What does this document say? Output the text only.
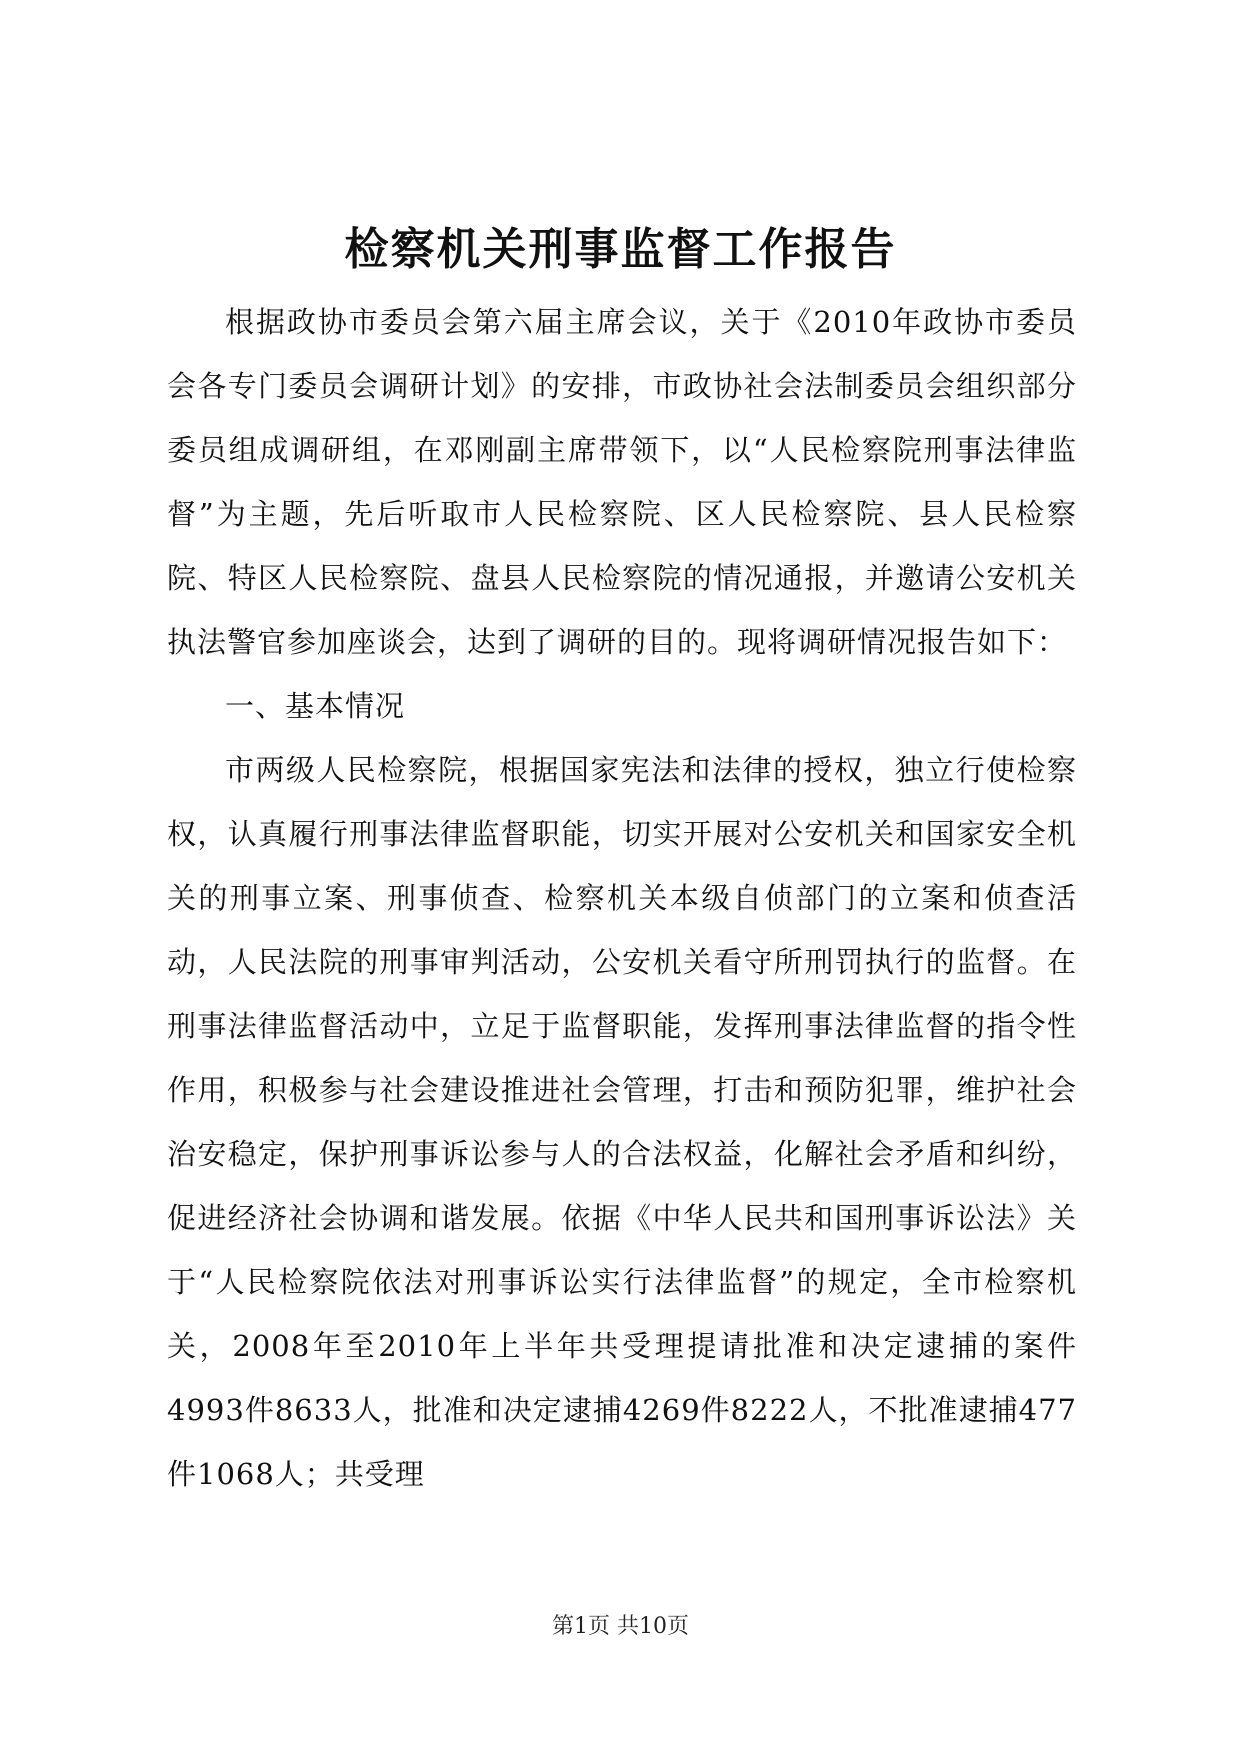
检察机关刑事监督工作报告

根据政协市委员会第六届主席会议，关于《2010年政协市委员会各专门委员会调研计划》的安排，市政协社会法制委员会组织部分委员组成调研组，在邓刚副主席带领下，以“人民检察院刑事法律监督”为主题，先后听取市人民检察院、区人民检察院、县人民检察院、特区人民检察院、盘县人民检察院的情况通报，并邀请公安机关执法警官参加座谈会，达到了调研的目的。现将调研情况报告如下：

一、基本情况

市两级人民检察院，根据国家宪法和法律的授权，独立行使检察权，认真履行刑事法律监督职能，切实开展对公安机关和国家安全机关的刑事立案、刑事侦查、检察机关本级自侦部门的立案和侦查活动，人民法院的刑事审判活动，公安机关看守所刑罚执行的监督。在刑事法律监督活动中，立足于监督职能，发挥刑事法律监督的指令性作用，积极参与社会建设推进社会管理，打击和预防犯罪，维护社会治安稳定，保护刑事诉讼参与人的合法权益，化解社会矛盾和纠纷，促进经济社会协调和谐发展。依据《中华人民共和国刑事诉讼法》关于“人民检察院依法对刑事诉讼实行法律监督”的规定，全市检察机关，2008年至2010年上半年共受理提请批准和决定逮捕的案件4993件8633人，批准和决定逮捕4269件8222人，不批准逮捕477件1068人；共受理

第1页 共10页
